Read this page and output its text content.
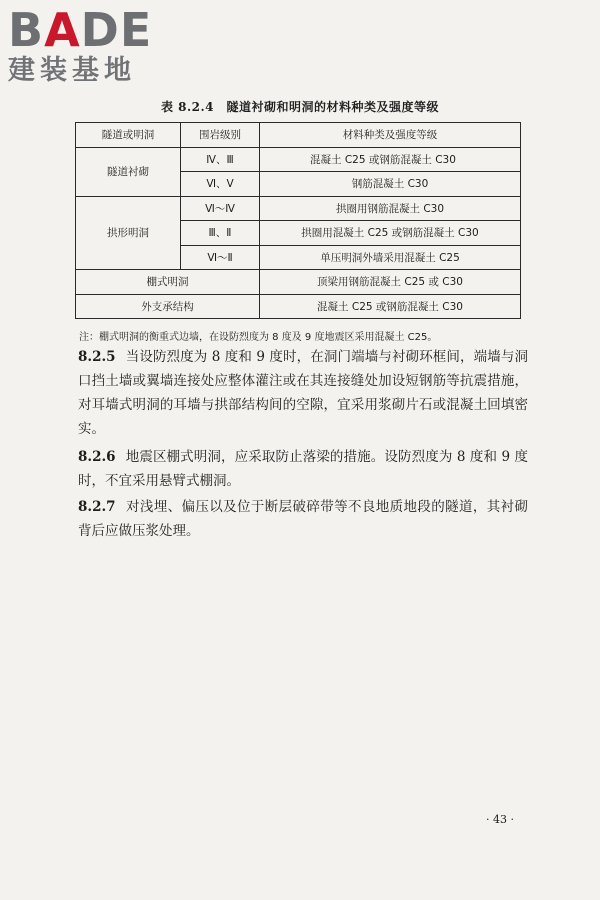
BADE
建装基地
表 8.2.4　隧道衬砌和明洞的材料种类及强度等级
隧道或明洞	围岩级别	材料种类及强度等级
隧道衬砌	Ⅳ、Ⅲ	混凝土 C25 或钢筋混凝土 C30
	Ⅵ、Ⅴ	钢筋混凝土 C30
拱形明洞	Ⅵ～Ⅳ	拱圈用钢筋混凝土 C30
	Ⅲ、Ⅱ	拱圈用混凝土 C25 或钢筋混凝土 C30
	Ⅵ～Ⅱ	单压明洞外墙采用混凝土 C25
棚式明洞		顶梁用钢筋混凝土 C25 或 C30
外支承结构		混凝土 C25 或钢筋混凝土 C30
注：棚式明洞的衡重式边墙，在设防烈度为 8 度及 9 度地震区采用混凝土 C25。
8.2.5 当设防烈度为 8 度和 9 度时，在洞门端墙与衬砌环框间，端墙与洞口挡土墙或翼墙连接处应整体灌注或在其连接缝处加设短钢筋等抗震措施，对耳墙式明洞的耳墙与拱部结构间的空隙，宜采用浆砌片石或混凝土回填密实。
8.2.6 地震区棚式明洞，应采取防止落梁的措施。设防烈度为 8 度和 9 度时，不宜采用悬臂式棚洞。
8.2.7 对浅埋、偏压以及位于断层破碎带等不良地质地段的隧道，其衬砌背后应做压浆处理。
· 43 ·
